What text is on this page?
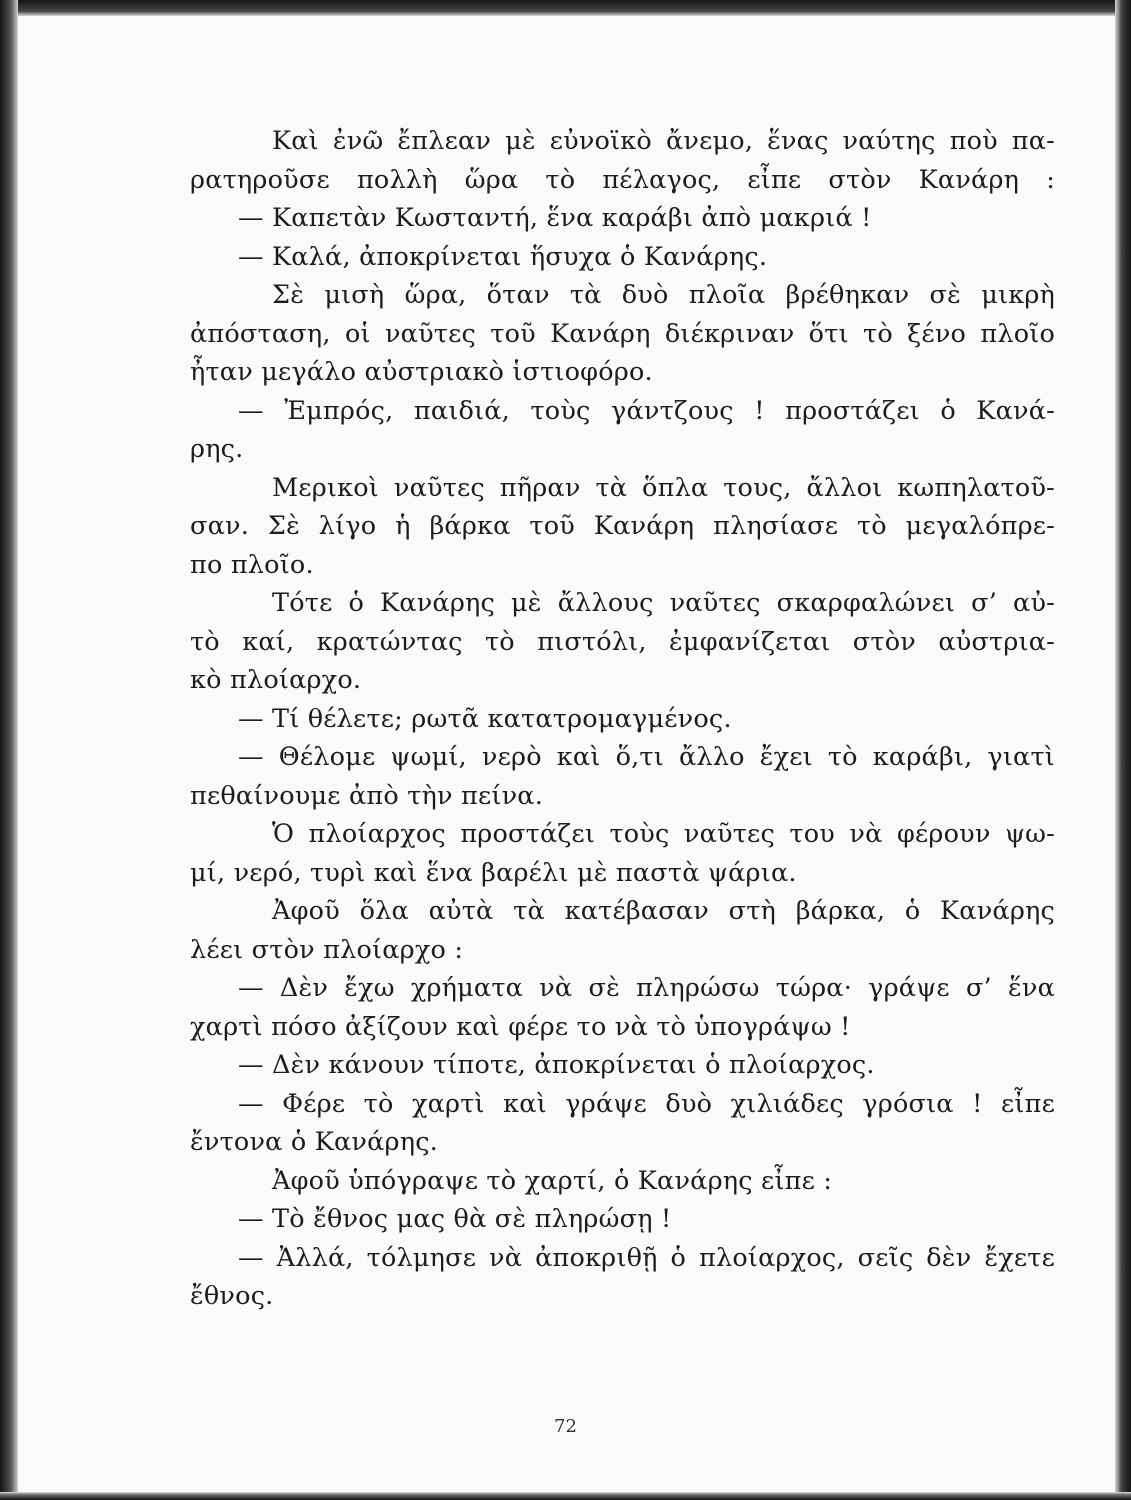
Καὶ ἐνῶ ἔπλεαν μὲ εὐνοϊκὸ ἄνεμο, ἕνας ναύτης ποὺ πα-
ρατηροῦσε πολλὴ ὥρα τὸ πέλαγος, εἶπε στὸν Κανάρη :
— Καπετὰν Κωσταντή, ἕνα καράβι ἀπὸ μακριά !
— Καλά, ἀποκρίνεται ἥσυχα ὁ Κανάρης.
Σὲ μισὴ ὥρα, ὅταν τὰ δυὸ πλοῖα βρέθηκαν σὲ μικρὴ
ἀπόσταση, οἱ ναῦτες τοῦ Κανάρη διέκριναν ὅτι τὸ ξένο πλοῖο
ἦταν μεγάλο αὐστριακὸ ἱστιοφόρο.
— Ἐμπρός, παιδιά, τοὺς γάντζους ! προστάζει ὁ Κανά-
ρης.
Μερικοὶ ναῦτες πῆραν τὰ ὅπλα τους, ἄλλοι κωπηλατοῦ-
σαν. Σὲ λίγο ἡ βάρκα τοῦ Κανάρη πλησίασε τὸ μεγαλόπρε-
πο πλοῖο.
Τότε ὁ Κανάρης μὲ ἄλλους ναῦτες σκαρφαλώνει σ’ αὐ-
τὸ καί, κρατώντας τὸ πιστόλι, ἐμφανίζεται στὸν αὐστρια-
κὸ πλοίαρχο.
— Τί θέλετε; ρωτᾶ κατατρομαγμένος.
— Θέλομε ψωμί, νερὸ καὶ ὅ,τι ἄλλο ἔχει τὸ καράβι, γιατὶ
πεθαίνουμε ἀπὸ τὴν πείνα.
Ὁ πλοίαρχος προστάζει τοὺς ναῦτες του νὰ φέρουν ψω-
μί, νερό, τυρὶ καὶ ἕνα βαρέλι μὲ παστὰ ψάρια.
Ἀφοῦ ὅλα αὐτὰ τὰ κατέβασαν στὴ βάρκα, ὁ Κανάρης
λέει στὸν πλοίαρχο :
— Δὲν ἔχω χρήματα νὰ σὲ πληρώσω τώρα· γράψε σ’ ἕνα
χαρτὶ πόσο ἀξίζουν καὶ φέρε το νὰ τὸ ὑπογράψω !
— Δὲν κάνουν τίποτε, ἀποκρίνεται ὁ πλοίαρχος.
— Φέρε τὸ χαρτὶ καὶ γράψε δυὸ χιλιάδες γρόσια ! εἶπε
ἔντονα ὁ Κανάρης.
Ἀφοῦ ὑπόγραψε τὸ χαρτί, ὁ Κανάρης εἶπε :
— Τὸ ἔθνος μας θὰ σὲ πληρώσῃ !
— Ἀλλά, τόλμησε νὰ ἀποκριθῇ ὁ πλοίαρχος, σεῖς δὲν ἔχετε
ἔθνος.
72
